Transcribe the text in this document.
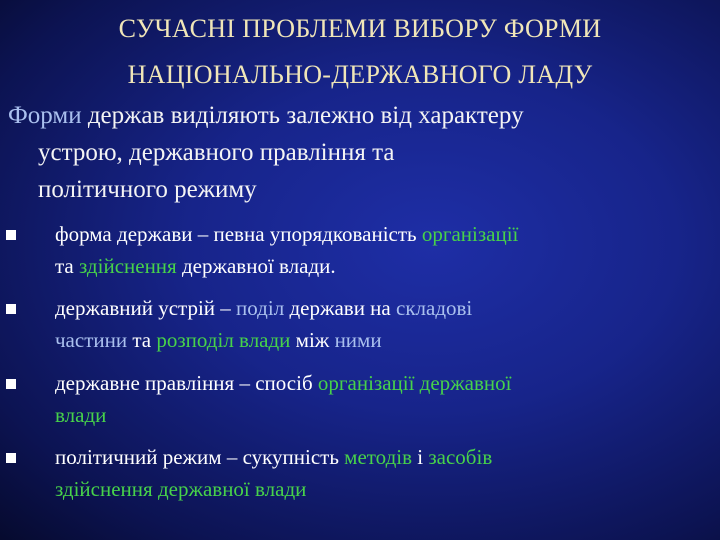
СУЧАСНІ ПРОБЛЕМИ ВИБОРУ ФОРМИ
НАЦІОНАЛЬНО-ДЕРЖАВНОГО ЛАДУ
Форми держав виділяють залежно від характеру
устрою, державного правління та
політичного режиму
форма держави – певна упорядкованість організації
та здійснення державної влади.
державний устрій – поділ держави на складові
частини та розподіл влади між ними
державне правління – спосіб організації державної
влади
політичний режим – сукупність методів і засобів
здійснення державної влади
